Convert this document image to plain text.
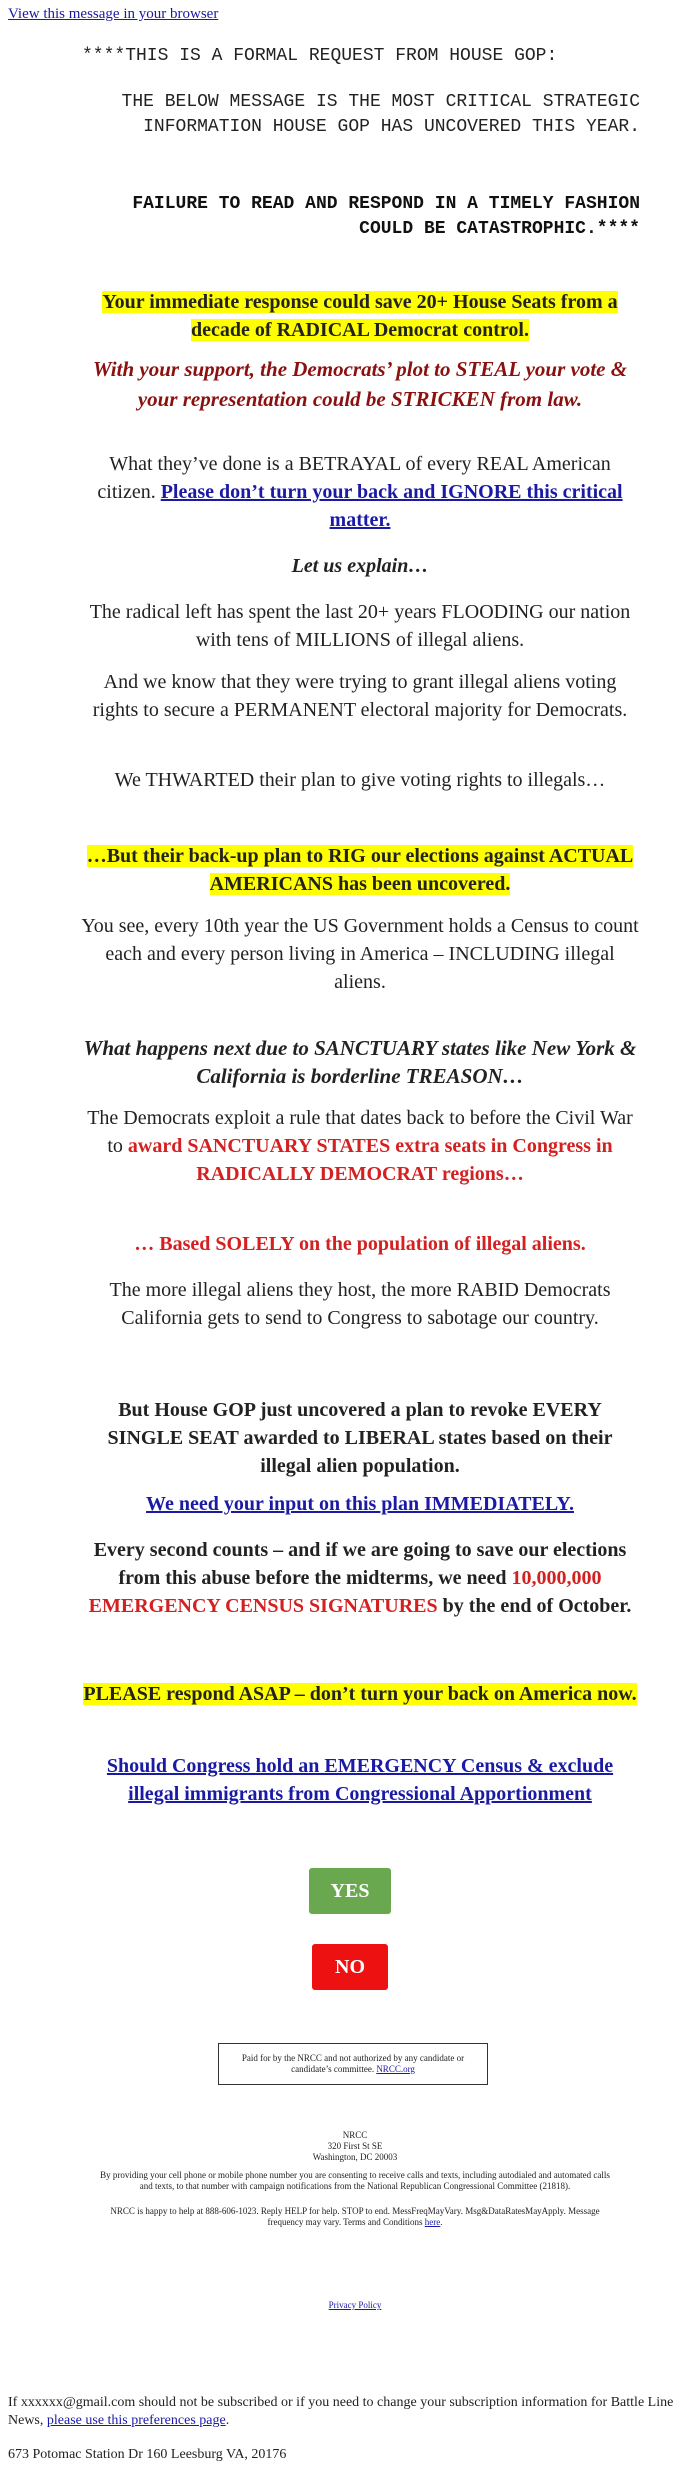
View this message in your browser
****THIS IS A FORMAL REQUEST FROM HOUSE GOP:
THE BELOW MESSAGE IS THE MOST CRITICAL STRATEGIC INFORMATION HOUSE GOP HAS UNCOVERED THIS YEAR.
FAILURE TO READ AND RESPOND IN A TIMELY FASHION COULD BE CATASTROPHIC.****
Your immediate response could save 20+ House Seats from a decade of RADICAL Democrat control.
With your support, the Democrats’ plot to STEAL your vote & your representation could be STRICKEN from law.
What they’ve done is a BETRAYAL of every REAL American citizen. Please don’t turn your back and IGNORE this critical matter.
Let us explain…
The radical left has spent the last 20+ years FLOODING our nation with tens of MILLIONS of illegal aliens.
And we know that they were trying to grant illegal aliens voting rights to secure a PERMANENT electoral majority for Democrats.
We THWARTED their plan to give voting rights to illegals…
…But their back-up plan to RIG our elections against ACTUAL AMERICANS has been uncovered.
You see, every 10th year the US Government holds a Census to count each and every person living in America – INCLUDING illegal aliens.
What happens next due to SANCTUARY states like New York & California is borderline TREASON…
The Democrats exploit a rule that dates back to before the Civil War to award SANCTUARY STATES extra seats in Congress in RADICALLY DEMOCRAT regions…
… Based SOLELY on the population of illegal aliens.
The more illegal aliens they host, the more RABID Democrats California gets to send to Congress to sabotage our country.
But House GOP just uncovered a plan to revoke EVERY SINGLE SEAT awarded to LIBERAL states based on their illegal alien population.
We need your input on this plan IMMEDIATELY.
Every second counts – and if we are going to save our elections from this abuse before the midterms, we need 10,000,000 EMERGENCY CENSUS SIGNATURES by the end of October.
PLEASE respond ASAP – don’t turn your back on America now.
Should Congress hold an EMERGENCY Census & exclude illegal immigrants from Congressional Apportionment
YES
NO
Paid for by the NRCC and not authorized by any candidate or candidate’s committee. NRCC.org
NRCC
320 First St SE
Washington, DC 20003
By providing your cell phone or mobile phone number you are consenting to receive calls and texts, including autodialed and automated calls and texts, to that number with campaign notifications from the National Republican Congressional Committee (21818).
NRCC is happy to help at 888-606-1023. Reply HELP for help. STOP to end. MessFreqMayVary. Msg&DataRatesMayApply. Message frequency may vary. Terms and Conditions here.
Privacy Policy
If xxxxxx@gmail.com should not be subscribed or if you need to change your subscription information for Battle Line News, please use this preferences page.
673 Potomac Station Dr 160 Leesburg VA, 20176
